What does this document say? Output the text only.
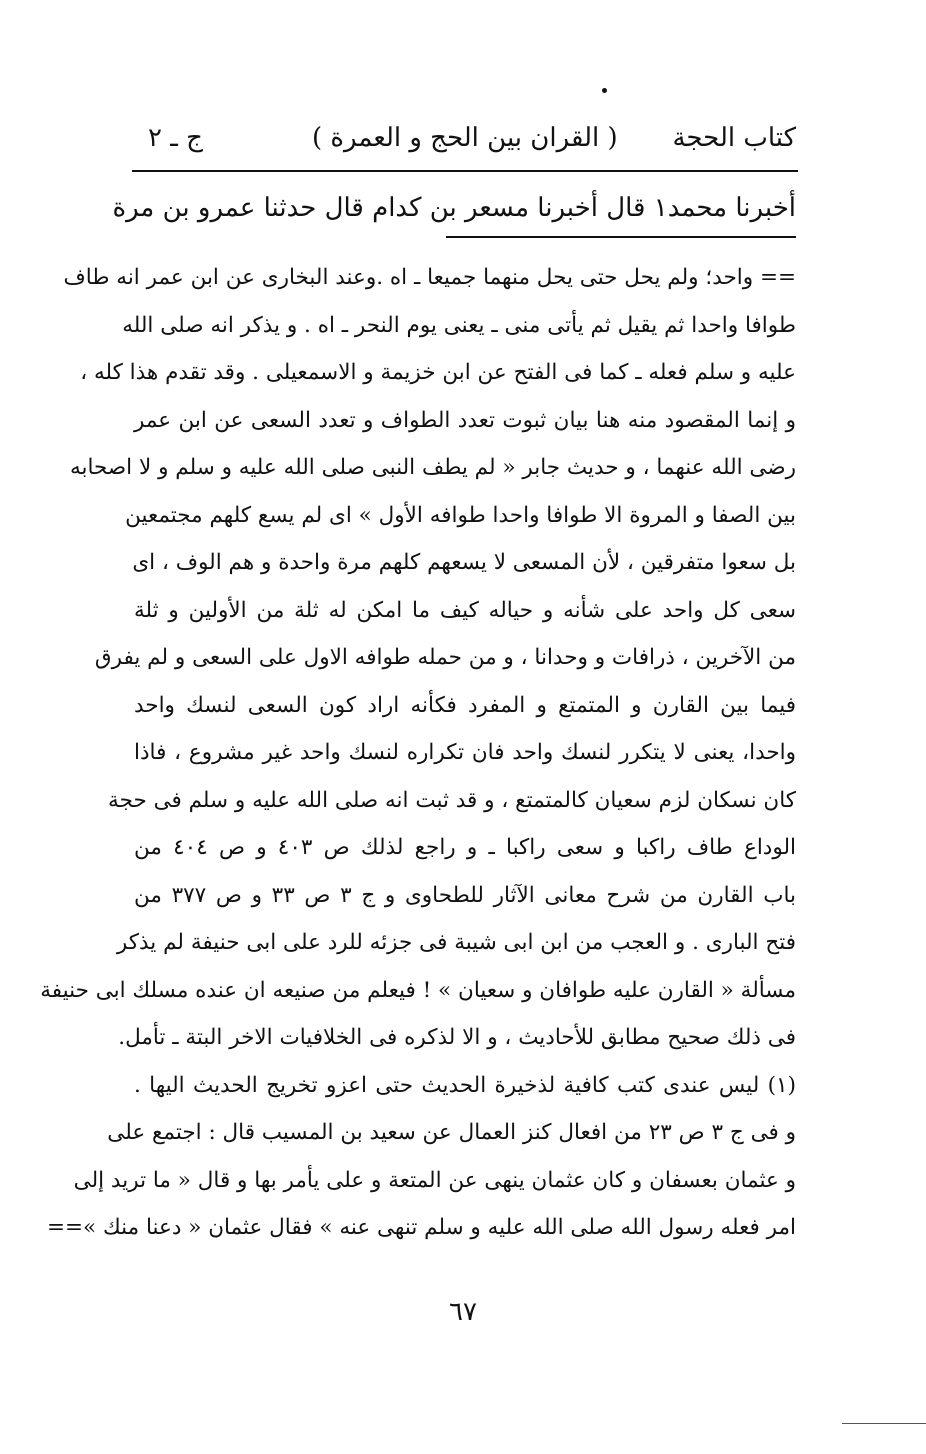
كتاب الحجة
( القران بين الحج و العمرة )
ج ـ ٢
أخبرنا محمد١ قال أخبرنا مسعر بن كدام قال حدثنا عمرو بن مرة
== واحد؛ ولم يحل حتى يحل منهما جميعا ـ اه .وعند البخارى عن ابن عمر انه طاف
طوافا واحدا ثم يقيل ثم يأتى منى ـ يعنى يوم النحر ـ اه . و يذكر انه صلى الله
عليه و سلم فعله ـ كما فى الفتح عن ابن خزيمة و الاسمعيلى . وقد تقدم هذا كله ،
و إنما المقصود منه هنا بيان ثبوت تعدد الطواف و تعدد السعى عن ابن عمر
رضى الله عنهما ، و حديث جابر « لم يطف النبى صلى الله عليه و سلم و لا اصحابه
بين الصفا و المروة الا طوافا واحدا طوافه الأول » اى لم يسع كلهم مجتمعين
بل سعوا متفرقين ، لأن المسعى لا يسعهم كلهم مرة واحدة و هم الوف ، اى
سعى كل واحد على شأنه و حياله كيف ما امكن له ثلة من الأولين و ثلة
من الآخرين ، ذرافات و وحدانا ، و من حمله طوافه الاول على السعى و لم يفرق
فيما بين القارن و المتمتع و المفرد فكأنه اراد كون السعى لنسك واحد
واحدا، يعنى لا يتكرر لنسك واحد فان تكراره لنسك واحد غير مشروع ، فاذا
كان نسكان لزم سعيان كالمتمتع ، و قد ثبت انه صلى الله عليه و سلم فى حجة
الوداع طاف راكبا و سعى راكبا ـ و راجع لذلك ص ٤٠٣ و ص ٤٠٤ من
باب القارن من شرح معانى الآثار للطحاوى و ج ٣ ص ٣٣ و ص ٣٧٧ من
فتح البارى . و العجب من ابن ابى شيبة فى جزئه للرد على ابى حنيفة لم يذكر
مسألة « القارن عليه طوافان و سعيان » ! فيعلم من صنيعه ان عنده مسلك ابى حنيفة
فى ذلك صحيح مطابق للأحاديث ، و الا لذكره فى الخلافيات الاخر البتة ـ تأمل.
(١) ليس عندى كتب كافية لذخيرة الحديث حتى اعزو تخريج الحديث اليها .
و فى ج ٣ ص ٢٣ من افعال كنز العمال عن سعيد بن المسيب قال : اجتمع على
و عثمان بعسفان و كان عثمان ينهى عن المتعة و على يأمر بها و قال « ما تريد إلى
امر فعله رسول الله صلى الله عليه و سلم تنهى عنه » فقال عثمان « دعنا منك »==
٦٧
